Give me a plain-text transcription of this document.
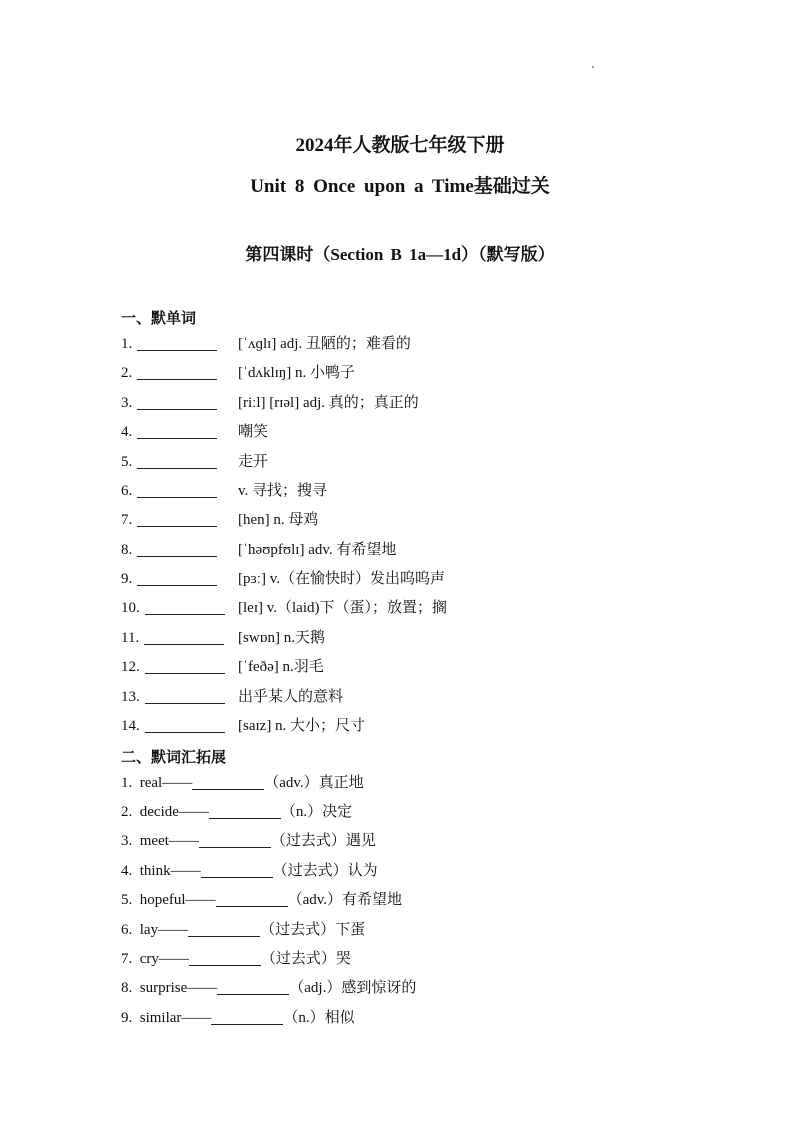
2024年人教版七年级下册
Unit 8 Once upon a Time基础过关
第四课时（Section B 1a—1d）（默写版）
一、默单词
1.	[ˈʌɡlɪ] adj. 丑陋的；难看的
2.	[ˈdʌklɪŋ] n. 小鸭子
3.	[riːl] [rɪəl] adj. 真的；真正的
4.	嘲笑
5.	走开
6.	v. 寻找；搜寻
7.	[hen] n. 母鸡
8.	[ˈhəʊpfʊlɪ] adv. 有希望地
9.	[pɜː] v.（在愉快时）发出呜呜声
10.	[leɪ] v.（laid)下（蛋）；放置；搁
11.	[swɒn] n.天鹅
12.	[ˈfeðə] n.羽毛
13.	出乎某人的意料
14.	[saɪz] n. 大小；尺寸
二、默词汇拓展
1. real——	（adv.）真正地
2. decide——	（n.）决定
3. meet——	（过去式）遇见
4. think——	（过去式）认为
5. hopeful——	（adv.）有希望地
6. lay——	（过去式）下蛋
7. cry——	（过去式）哭
8. surprise——	（adj.）感到惊讶的
9. similar——	（n.）相似
